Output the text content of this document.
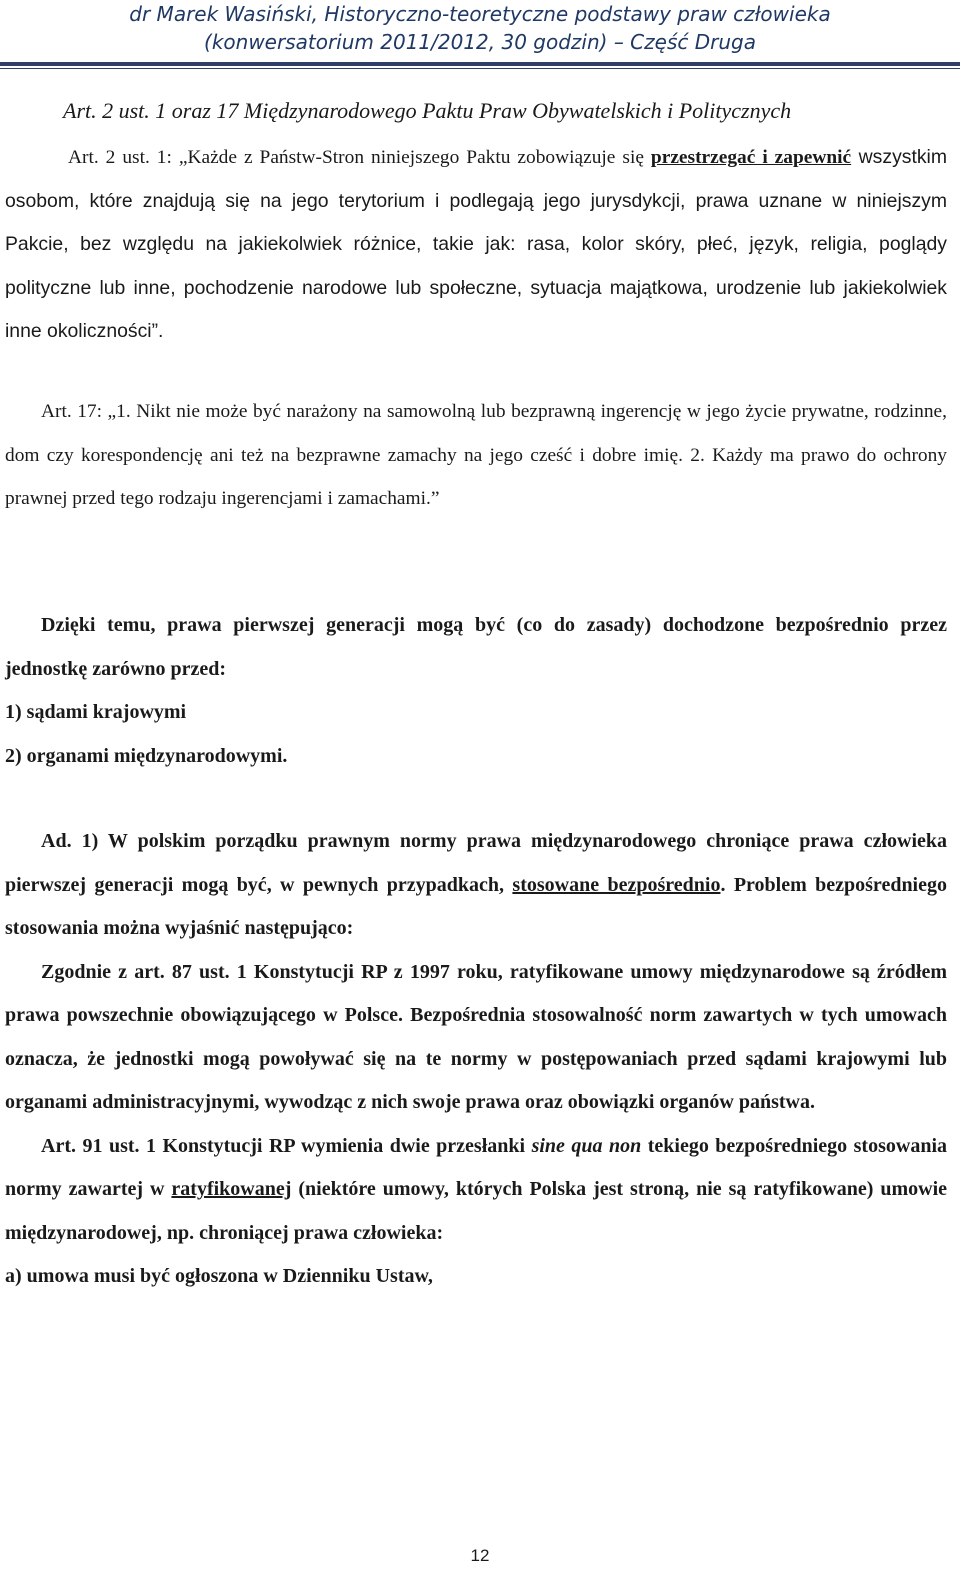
dr Marek Wasiński, Historyczno-teoretyczne podstawy praw człowieka
(konwersatorium 2011/2012, 30 godzin) – Część Druga
Art. 2 ust. 1 oraz 17 Międzynarodowego Paktu Praw Obywatelskich i Politycznych

Art. 2 ust. 1: „Każde z Państw-Stron niniejszego Paktu zobowiązuje się przestrzegać i zapewnić wszystkim osobom, które znajdują się na jego terytorium i podlegają jego jurysdykcji, prawa uznane w niniejszym Pakcie, bez względu na jakiekolwiek różnice, takie jak: rasa, kolor skóry, płeć, język, religia, poglądy polityczne lub inne, pochodzenie narodowe lub społeczne, sytuacja majątkowa, urodzenie lub jakiekolwiek inne okoliczności”.

Art. 17: „1. Nikt nie może być narażony na samowolną lub bezprawną ingerencję w jego życie prywatne, rodzinne, dom czy korespondencję ani też na bezprawne zamachy na jego cześć i dobre imię. 2. Każdy ma prawo do ochrony prawnej przed tego rodzaju ingerencjami i zamachami.”

Dzięki temu, prawa pierwszej generacji mogą być (co do zasady) dochodzone bezpośrednio przez jednostkę zarówno przed:

1) sądami krajowymi

2) organami międzynarodowymi.

Ad. 1) W polskim porządku prawnym normy prawa międzynarodowego chroniące prawa człowieka pierwszej generacji mogą być, w pewnych przypadkach, stosowane bezpośrednio. Problem bezpośredniego stosowania można wyjaśnić następująco:

Zgodnie z art. 87 ust. 1 Konstytucji RP z 1997 roku, ratyfikowane umowy międzynarodowe są źródłem prawa powszechnie obowiązującego w Polsce. Bezpośrednia stosowalność norm zawartych w tych umowach oznacza, że jednostki mogą powoływać się na te normy w postępowaniach przed sądami krajowymi lub organami administracyjnymi, wywodząc z nich swoje prawa oraz obowiązki organów państwa.

Art. 91 ust. 1 Konstytucji RP wymienia dwie przesłanki sine qua non tekiego bezpośredniego stosowania normy zawartej w ratyfikowanej (niektóre umowy, których Polska jest stroną, nie są ratyfikowane) umowie międzynarodowej, np. chroniącej prawa człowieka:

a) umowa musi być ogłoszona w Dzienniku Ustaw,

12
